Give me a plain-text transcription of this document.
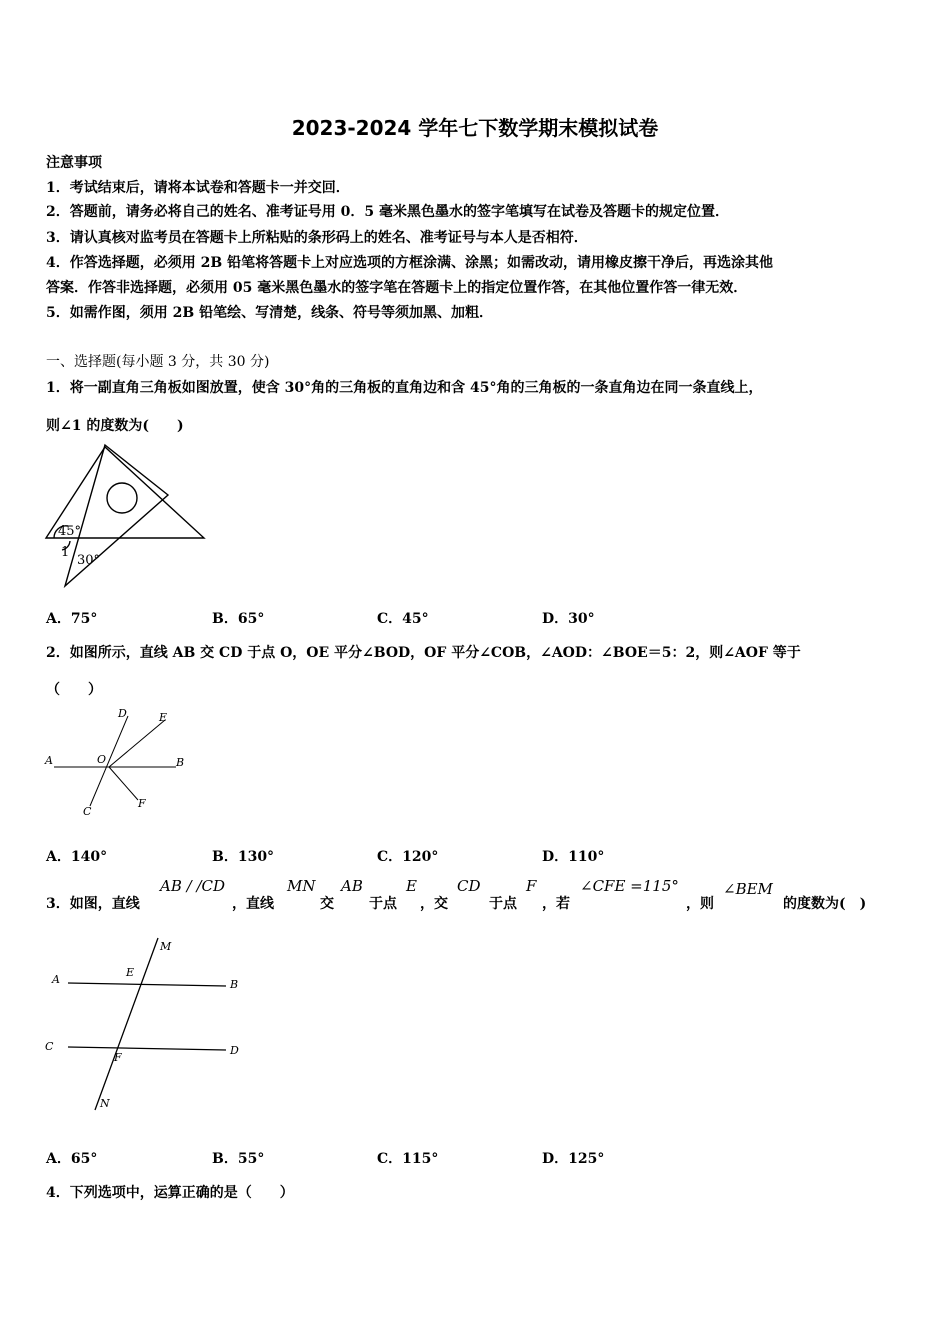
2023-2024 学年七下数学期末模拟试卷
注意事项
1．考试结束后，请将本试卷和答题卡一并交回．
2．答题前，请务必将自己的姓名、准考证号用 0．5 毫米黑色墨水的签字笔填写在试卷及答题卡的规定位置．
3．请认真核对监考员在答题卡上所粘贴的条形码上的姓名、准考证号与本人是否相符．
4．作答选择题，必须用 2B 铅笔将答题卡上对应选项的方框涂满、涂黑；如需改动，请用橡皮擦干净后，再选涂其他
答案．作答非选择题，必须用 05 毫米黑色墨水的签字笔在答题卡上的指定位置作答，在其他位置作答一律无效．
5．如需作图，须用 2B 铅笔绘、写清楚，线条、符号等须加黑、加粗．
一、选择题(每小题 3 分，共 30 分)
1．将一副直角三角板如图放置，使含 30°角的三角板的直角边和含 45°角的三角板的一条直角边在同一条直线上，
则∠1 的度数为(　　)
45°
1
30°
A．75°	B．65°	C．45°	D．30°
2．如图所示，直线 AB 交 CD 于点 O，OE 平分∠BOD，OF 平分∠COB，∠AOD：∠BOE＝5：2，则∠AOF 等于
（　　）
A	B
C
D	E
F
O
A．140°	B．130°	C．120°	D．110°
3．如图，直线
AB / /CD
，直线
MN
交
AB
于点
E
，交
CD
于点
F
，若
∠CFE =115°
，则
∠BEM
的度数为(　)
A	B
C	D
E
F
M
N
A．65°	B．55°	C．115°	D．125°
4．下列选项中，运算正确的是（　　）
